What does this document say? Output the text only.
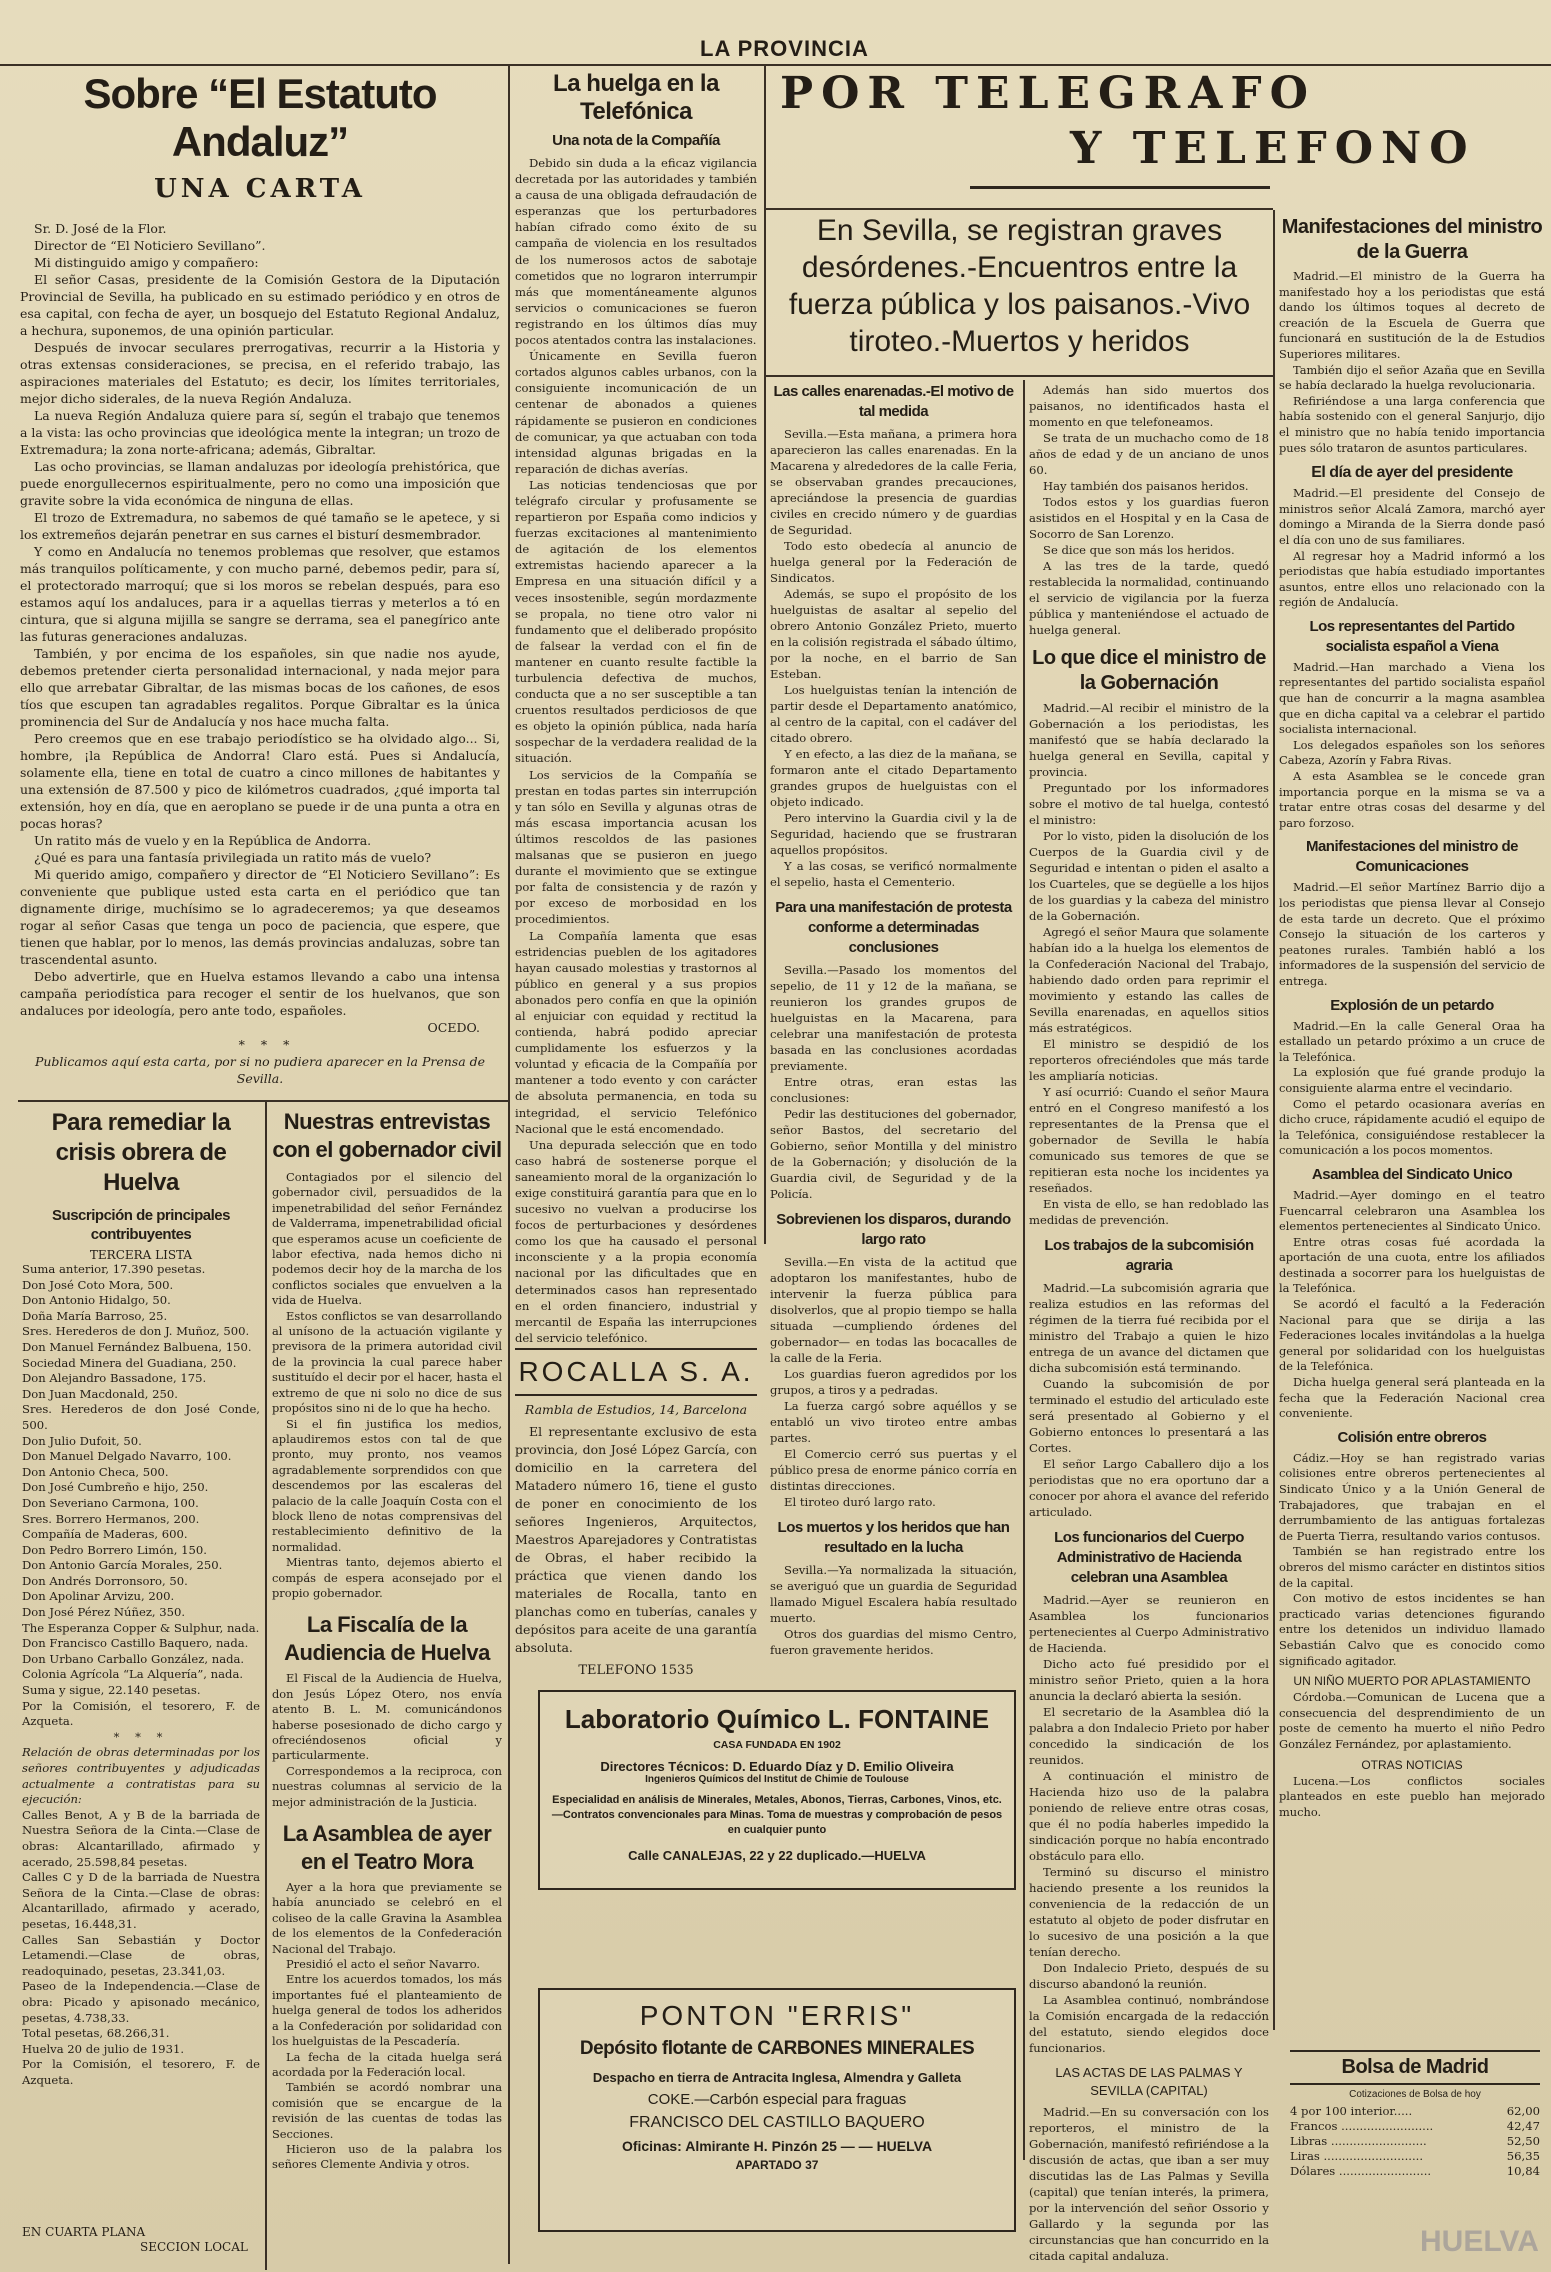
LA PROVINCIA
Sobre “El Estatuto Andaluz”
UNA CARTA

Sr. D. José de la Flor.

Director de “El Noticiero Sevillano”.

Mi distinguido amigo y compañero:

El señor Casas, presidente de la Comisión Gestora de la Diputación Provincial de Sevilla, ha publicado en su estimado periódico y en otros de esa capital, con fecha de ayer, un bosquejo del Estatuto Regional Andaluz, a hechura, suponemos, de una opinión particular.

Después de invocar seculares prerrogativas, recurrir a la Historia y otras extensas consideraciones, se precisa, en el referido trabajo, las aspiraciones materiales del Estatuto; es decir, los límites territoriales, mejor dicho siderales, de la nueva Región Andaluza.

La nueva Región Andaluza quiere para sí, según el trabajo que tenemos a la vista: las ocho provincias que ideológica mente la integran; un trozo de Extremadura; la zona norte-africana; además, Gibraltar.

Las ocho provincias, se llaman andaluzas por ideología prehistórica, que puede enorgullecernos espiritualmente, pero no como una imposición que gravite sobre la vida económica de ninguna de ellas.

El trozo de Extremadura, no sabemos de qué tamaño se le apetece, y si los extremeños dejarán penetrar en sus carnes el bisturí desmembrador.

Y como en Andalucía no tenemos problemas que resolver, que estamos más tranquilos políticamente, y con mucho parné, debemos pedir, para sí, el protectorado marroquí; que si los moros se rebelan después, para eso estamos aquí los andaluces, para ir a aquellas tierras y meterlos a tó en cintura, que si alguna mijilla se sangre se derrama, sea el panegírico ante las futuras generaciones andaluzas.

También, y por encima de los españoles, sin que nadie nos ayude, debemos pretender cierta personalidad internacional, y nada mejor para ello que arrebatar Gibraltar, de las mismas bocas de los cañones, de esos tíos que escupen tan agradables regalitos. Porque Gibraltar es la única prominencia del Sur de Andalucía y nos hace mucha falta.

Pero creemos que en ese trabajo periodístico se ha olvidado algo... Si, hombre, ¡la República de Andorra! Claro está. Pues si Andalucía, solamente ella, tiene en total de cuatro a cinco millones de habitantes y una extensión de 87.500 y pico de kilómetros cuadrados, ¿qué importa tal extensión, hoy en día, que en aeroplano se puede ir de una punta a otra en pocas horas?

Un ratito más de vuelo y en la República de Andorra.

¿Qué es para una fantasía privilegiada un ratito más de vuelo?

Mi querido amigo, compañero y director de “El Noticiero Sevillano”: Es conveniente que publique usted esta carta en el periódico que tan dignamente dirige, muchísimo se lo agradeceremos; ya que deseamos rogar al señor Casas que tenga un poco de paciencia, que espere, que tienen que hablar, por lo menos, las demás provincias andaluzas, sobre tan trascendental asunto.

Debo advertirle, que en Huelva estamos llevando a cabo una intensa campaña periodística para recoger el sentir de los huelvanos, que son andaluces por ideología, pero ante todo, españoles.

OCEDO.

* * *

Publicamos aquí esta carta, por si no pudiera aparecer en la Prensa de Sevilla.

La huelga en la Telefónica
Una nota de la Compañía

Debido sin duda a la eficaz vigilancia decretada por las autoridades y también a causa de una obligada defraudación de esperanzas que los perturbadores habían cifrado como éxito de su campaña de violencia en los resultados de los numerosos actos de sabotaje cometidos que no lograron interrumpir más que momentáneamente algunos servicios o comunicaciones se fueron registrando en los últimos días muy pocos atentados contra las instalaciones.

Únicamente en Sevilla fueron cortados algunos cables urbanos, con la consiguiente incomunicación de un centenar de abonados a quienes rápidamente se pusieron en condiciones de comunicar, ya que actuaban con toda intensidad algunas brigadas en la reparación de dichas averías.

Las noticias tendenciosas que por telégrafo circular y profusamente se repartieron por España como indicios y fuerzas excitaciones al mantenimiento de agitación de los elementos extremistas haciendo aparecer a la Empresa en una situación difícil y a veces insostenible, según mordazmente se propala, no tiene otro valor ni fundamento que el deliberado propósito de falsear la verdad con el fin de mantener en cuanto resulte factible la turbulencia defectiva de muchos, conducta que a no ser susceptible a tan cruentos resultados perdiciosos de que es objeto la opinión pública, nada haría sospechar de la verdadera realidad de la situación.

Los servicios de la Compañía se prestan en todas partes sin interrupción y tan sólo en Sevilla y algunas otras de más escasa importancia acusan los últimos rescoldos de las pasiones malsanas que se pusieron en juego durante el movimiento que se extingue por falta de consistencia y de razón y por exceso de morbosidad en los procedimientos.

La Compañía lamenta que esas estridencias pueblen de los agitadores hayan causado molestias y trastornos al público en general y a sus propios abonados pero confía en que la opinión al enjuiciar con equidad y rectitud la contienda, habrá podido apreciar cumplidamente los esfuerzos y la voluntad y eficacia de la Compañía por mantener a todo evento y con carácter de absoluta permanencia, en toda su integridad, el servicio Telefónico Nacional que le está encomendado.

Una depurada selección que en todo caso habrá de sostenerse porque el saneamiento moral de la organización lo exige constituirá garantía para que en lo sucesivo no vuelvan a producirse los focos de perturbaciones y desórdenes como los que ha causado el personal inconsciente y a la propia economía nacional por las dificultades que en determinados casos han representado en el orden financiero, industrial y mercantil de España las interrupciones del servicio telefónico.

ROCALLA S. A.
Rambla de Estudios, 14, Barcelona

El representante exclusivo de esta provincia, don José López García, con domicilio en la carretera del Matadero número 16, tiene el gusto de poner en conocimiento de los señores Ingenieros, Arquitectos, Maestros Aparejadores y Contratistas de Obras, el haber recibido la práctica que vienen dando los materiales de Rocalla, tanto en planchas como en tuberías, canales y depósitos para aceite de una garantía absoluta.

TELEFONO 1535
POR TELEGRAFO
Y TELEFONO
En Sevilla, se registran graves desórdenes.-Encuentros entre la fuerza pública y los paisanos.-Vivo tiroteo.-Muertos y heridos
Las calles enarenadas.-El motivo de tal medida

Sevilla.—Esta mañana, a primera hora aparecieron las calles enarenadas. En la Macarena y alrededores de la calle Feria, se observaban grandes precauciones, apreciándose la presencia de guardias civiles en crecido número y de guardias de Seguridad.

Todo esto obedecía al anuncio de huelga general por la Federación de Sindicatos.

Además, se supo el propósito de los huelguistas de asaltar al sepelio del obrero Antonio González Prieto, muerto en la colisión registrada el sábado último, por la noche, en el barrio de San Esteban.

Los huelguistas tenían la intención de partir desde el Departamento anatómico, al centro de la capital, con el cadáver del citado obrero.

Y en efecto, a las diez de la mañana, se formaron ante el citado Departamento grandes grupos de huelguistas con el objeto indicado.

Pero intervino la Guardia civil y la de Seguridad, haciendo que se frustraran aquellos propósitos.

Y a las cosas, se verificó normalmente el sepelio, hasta el Cementerio.

Para una manifestación de protesta conforme a determinadas conclusiones

Sevilla.—Pasado los momentos del sepelio, de 11 y 12 de la mañana, se reunieron los grandes grupos de huelguistas en la Macarena, para celebrar una manifestación de protesta basada en las conclusiones acordadas previamente.

Entre otras, eran estas las conclusiones:

Pedir las destituciones del gobernador, señor Bastos, del secretario del Gobierno, señor Montilla y del ministro de la Gobernación; y disolución de la Guardia civil, de Seguridad y de la Policía.

Sobrevienen los disparos, durando largo rato

Sevilla.—En vista de la actitud que adoptaron los manifestantes, hubo de intervenir la fuerza pública para disolverlos, que al propio tiempo se halla situada —cumpliendo órdenes del gobernador— en todas las bocacalles de la calle de la Feria.

Los guardias fueron agredidos por los grupos, a tiros y a pedradas.

La fuerza cargó sobre aquéllos y se entabló un vivo tiroteo entre ambas partes.

El Comercio cerró sus puertas y el público presa de enorme pánico corría en distintas direcciones.

El tiroteo duró largo rato.

Los muertos y los heridos que han resultado en la lucha

Sevilla.—Ya normalizada la situación, se averiguó que un guardia de Seguridad llamado Miguel Escalera había resultado muerto.

Otros dos guardias del mismo Centro, fueron gravemente heridos.

Además han sido muertos dos paisanos, no identificados hasta el momento en que telefoneamos.

Se trata de un muchacho como de 18 años de edad y de un anciano de unos 60.

Hay también dos paisanos heridos.

Todos estos y los guardias fueron asistidos en el Hospital y en la Casa de Socorro de San Lorenzo.

Se dice que son más los heridos.

A las tres de la tarde, quedó restablecida la normalidad, continuando el servicio de vigilancia por la fuerza pública y manteniéndose el actuado de huelga general.

Lo que dice el ministro de la Gobernación

Madrid.—Al recibir el ministro de la Gobernación a los periodistas, les manifestó que se había declarado la huelga general en Sevilla, capital y provincia.

Preguntado por los informadores sobre el motivo de tal huelga, contestó el ministro:

Por lo visto, piden la disolución de los Cuerpos de la Guardia civil y de Seguridad e intentan o piden el asalto a los Cuarteles, que se degüelle a los hijos de los guardias y la cabeza del ministro de la Gobernación.

Agregó el señor Maura que solamente habían ido a la huelga los elementos de la Confederación Nacional del Trabajo, habiendo dado orden para reprimir el movimiento y estando las calles de Sevilla enarenadas, en aquellos sitios más estratégicos.

El ministro se despidió de los reporteros ofreciéndoles que más tarde les ampliaría noticias.

Y así ocurrió: Cuando el señor Maura entró en el Congreso manifestó a los representantes de la Prensa que el gobernador de Sevilla le había comunicado sus temores de que se repitieran esta noche los incidentes ya reseñados.

En vista de ello, se han redoblado las medidas de prevención.

Los trabajos de la subcomisión agraria

Madrid.—La subcomisión agraria que realiza estudios en las reformas del régimen de la tierra fué recibida por el ministro del Trabajo a quien le hizo entrega de un avance del dictamen que dicha subcomisión está terminando.

Cuando la subcomisión de por terminado el estudio del articulado este será presentado al Gobierno y el Gobierno entonces lo presentará a las Cortes.

El señor Largo Caballero dijo a los periodistas que no era oportuno dar a conocer por ahora el avance del referido articulado.

Los funcionarios del Cuerpo Administrativo de Hacienda celebran una Asamblea

Madrid.—Ayer se reunieron en Asamblea los funcionarios pertenecientes al Cuerpo Administrativo de Hacienda.

Dicho acto fué presidido por el ministro señor Prieto, quien a la hora anuncia la declaró abierta la sesión.

El secretario de la Asamblea dió la palabra a don Indalecio Prieto por haber concedido la sindicación de los reunidos.

A continuación el ministro de Hacienda hizo uso de la palabra poniendo de relieve entre otras cosas, que él no podía haberles impedido la sindicación porque no había encontrado obstáculo para ello.

Terminó su discurso el ministro haciendo presente a los reunidos la conveniencia de la redacción de un estatuto al objeto de poder disfrutar en lo sucesivo de una posición a la que tenían derecho.

Don Indalecio Prieto, después de su discurso abandonó la reunión.

La Asamblea continuó, nombrándose la Comisión encargada de la redacción del estatuto, siendo elegidos doce funcionarios.

LAS ACTAS DE LAS PALMAS Y SEVILLA (CAPITAL)

Madrid.—En su conversación con los reporteros, el ministro de la Gobernación, manifestó refiriéndose a la discusión de actas, que iban a ser muy discutidas las de Las Palmas y Sevilla (capital) que tenían interés, la primera, por la intervención del señor Ossorio y Gallardo y la segunda por las circunstancias que han concurrido en la citada capital andaluza.

Manifestaciones del ministro de la Guerra

Madrid.—El ministro de la Guerra ha manifestado hoy a los periodistas que está dando los últimos toques al decreto de creación de la Escuela de Guerra que funcionará en sustitución de la de Estudios Superiores militares.

También dijo el señor Azaña que en Sevilla se había declarado la huelga revolucionaria.

Refiriéndose a una larga conferencia que había sostenido con el general Sanjurjo, dijo el ministro que no había tenido importancia pues sólo trataron de asuntos particulares.

El día de ayer del presidente

Madrid.—El presidente del Consejo de ministros señor Alcalá Zamora, marchó ayer domingo a Miranda de la Sierra donde pasó el día con uno de sus familiares.

Al regresar hoy a Madrid informó a los periodistas que había estudiado importantes asuntos, entre ellos uno relacionado con la región de Andalucía.

Los representantes del Partido socialista español a Viena

Madrid.—Han marchado a Viena los representantes del partido socialista español que han de concurrir a la magna asamblea que en dicha capital va a celebrar el partido socialista internacional.

Los delegados españoles son los señores Cabeza, Azorín y Fabra Rivas.

A esta Asamblea se le concede gran importancia porque en la misma se va a tratar entre otras cosas del desarme y del paro forzoso.

Manifestaciones del ministro de Comunicaciones

Madrid.—El señor Martínez Barrio dijo a los periodistas que piensa llevar al Consejo de esta tarde un decreto. Que el próximo Consejo la situación de los carteros y peatones rurales. También habló a los informadores de la suspensión del servicio de entrega.

Explosión de un petardo

Madrid.—En la calle General Oraa ha estallado un petardo próximo a un cruce de la Telefónica.

La explosión que fué grande produjo la consiguiente alarma entre el vecindario.

Como el petardo ocasionara averías en dicho cruce, rápidamente acudió el equipo de la Telefónica, consiguiéndose restablecer la comunicación a los pocos momentos.

Asamblea del Sindicato Unico

Madrid.—Ayer domingo en el teatro Fuencarral celebraron una Asamblea los elementos pertenecientes al Sindicato Único.

Entre otras cosas fué acordada la aportación de una cuota, entre los afiliados destinada a socorrer para los huelguistas de la Telefónica.

Se acordó el facultó a la Federación Nacional para que se dirija a las Federaciones locales invitándolas a la huelga general por solidaridad con los huelguistas de la Telefónica.

Dicha huelga general será planteada en la fecha que la Federación Nacional crea conveniente.

Colisión entre obreros

Cádiz.—Hoy se han registrado varias colisiones entre obreros pertenecientes al Sindicato Único y a la Unión General de Trabajadores, que trabajan en el derrumbamiento de las antiguas fortalezas de Puerta Tierra, resultando varios contusos.

También se han registrado entre los obreros del mismo carácter en distintos sitios de la capital.

Con motivo de estos incidentes se han practicado varias detenciones figurando entre los detenidos un individuo llamado Sebastián Calvo que es conocido como significado agitador.

UN NIÑO MUERTO POR APLASTAMIENTO

Córdoba.—Comunican de Lucena que a consecuencia del desprendimiento de un poste de cemento ha muerto el niño Pedro González Fernández, por aplastamiento.

OTRAS NOTICIAS

Lucena.—Los conflictos sociales planteados en este pueblo han mejorado mucho.

Bolsa de Madrid
Cotizaciones de Bolsa de hoy
4 por 100 interior.....	62,00
Francos .........................	42,47
Libras ..........................	52,50
Liras ...........................	56,35
Dólares .........................	10,84
Para remediar la crisis obrera de Huelva
Suscripción de principales contribuyentes
TERCERA LISTA

Suma anterior, 17.390 pesetas.

Don José Coto Mora, 500.

Don Antonio Hidalgo, 50.

Doña María Barroso, 25.

Sres. Herederos de don J. Muñoz, 500.

Don Manuel Fernández Balbuena, 150.

Sociedad Minera del Guadiana, 250.

Don Alejandro Bassadone, 175.

Don Juan Macdonald, 250.

Sres. Herederos de don José Conde, 500.

Don Julio Dufoit, 50.

Don Manuel Delgado Navarro, 100.

Don Antonio Checa, 500.

Don José Cumbreño e hijo, 250.

Don Severiano Carmona, 100.

Sres. Borrero Hermanos, 200.

Compañía de Maderas, 600.

Don Pedro Borrero Limón, 150.

Don Antonio García Morales, 250.

Don Andrés Dorronsoro, 50.

Don Apolinar Arvizu, 200.

Don José Pérez Núñez, 350.

The Esperanza Copper & Sulphur, nada.

Don Francisco Castillo Baquero, nada.

Don Urbano Carballo González, nada.

Colonia Agrícola “La Alquería”, nada.

Suma y sigue, 22.140 pesetas.

Por la Comisión, el tesorero, F. de Azqueta.

* * *

Relación de obras determinadas por los señores contribuyentes y adjudicadas actualmente a contratistas para su ejecución:

Calles Benot, A y B de la barriada de Nuestra Señora de la Cinta.—Clase de obras: Alcantarillado, afirmado y acerado, 25.598,84 pesetas.

Calles C y D de la barriada de Nuestra Señora de la Cinta.—Clase de obras: Alcantarillado, afirmado y acerado, pesetas, 16.448,31.

Calles San Sebastián y Doctor Letamendi.—Clase de obras, readoquinado, pesetas, 23.341,03.

Paseo de la Independencia.—Clase de obra: Picado y apisonado mecánico, pesetas, 4.738,33.

Total pesetas, 68.266,31.

Huelva 20 de julio de 1931.

Por la Comisión, el tesorero, F. de Azqueta.

EN CUARTA PLANA
SECCION LOCAL
Nuestras entrevistas con el gobernador civil

Contagiados por el silencio del gobernador civil, persuadidos de la impenetrabilidad del señor Fernández de Valderrama, impenetrabilidad oficial que esperamos acuse un coeficiente de labor efectiva, nada hemos dicho ni podemos decir hoy de la marcha de los conflictos sociales que envuelven a la vida de Huelva.

Estos conflictos se van desarrollando al unísono de la actuación vigilante y previsora de la primera autoridad civil de la provincia la cual parece haber sustituído el decir por el hacer, hasta el extremo de que ni solo no dice de sus propósitos sino ni de lo que ha hecho.

Si el fin justifica los medios, aplaudiremos estos con tal de que pronto, muy pronto, nos veamos agradablemente sorprendidos con que descendemos por las escaleras del palacio de la calle Joaquín Costa con el block lleno de notas comprensivas del restablecimiento definitivo de la normalidad.

Mientras tanto, dejemos abierto el compás de espera aconsejado por el propio gobernador.

La Fiscalía de la Audiencia de Huelva

El Fiscal de la Audiencia de Huelva, don Jesús López Otero, nos envía atento B. L. M. comunicándonos haberse posesionado de dicho cargo y ofreciéndosenos oficial y particularmente.

Correspondemos a la reciproca, con nuestras columnas al servicio de la mejor administración de la Justicia.

La Asamblea de ayer en el Teatro Mora

Ayer a la hora que previamente se había anunciado se celebró en el coliseo de la calle Gravina la Asamblea de los elementos de la Confederación Nacional del Trabajo.

Presidió el acto el señor Navarro.

Entre los acuerdos tomados, los más importantes fué el planteamiento de huelga general de todos los adheridos a la Confederación por solidaridad con los huelguistas de la Pescadería.

La fecha de la citada huelga será acordada por la Federación local.

También se acordó nombrar una comisión que se encargue de la revisión de las cuentas de todas las Secciones.

Hicieron uso de la palabra los señores Clemente Andivia y otros.

Laboratorio Químico L. FONTAINE
CASA FUNDADA EN 1902
Directores Técnicos: D. Eduardo Díaz y D. Emilio Oliveira
Ingenieros Químicos del Institut de Chimie de Toulouse
Especialidad en análisis de Minerales, Metales, Abonos, Tierras, Carbones, Vinos, etc.—Contratos convencionales para Minas. Toma de muestras y comprobación de pesos en cualquier punto
Calle CANALEJAS, 22 y 22 duplicado.—HUELVA
PONTON "ERRIS"
Depósito flotante de CARBONES MINERALES
Despacho en tierra de Antracita Inglesa, Almendra y Galleta
COKE.—Carbón especial para fraguas
FRANCISCO DEL CASTILLO BAQUERO
Oficinas: Almirante H. Pinzón 25 — — HUELVA
APARTADO 37
HUELVA
